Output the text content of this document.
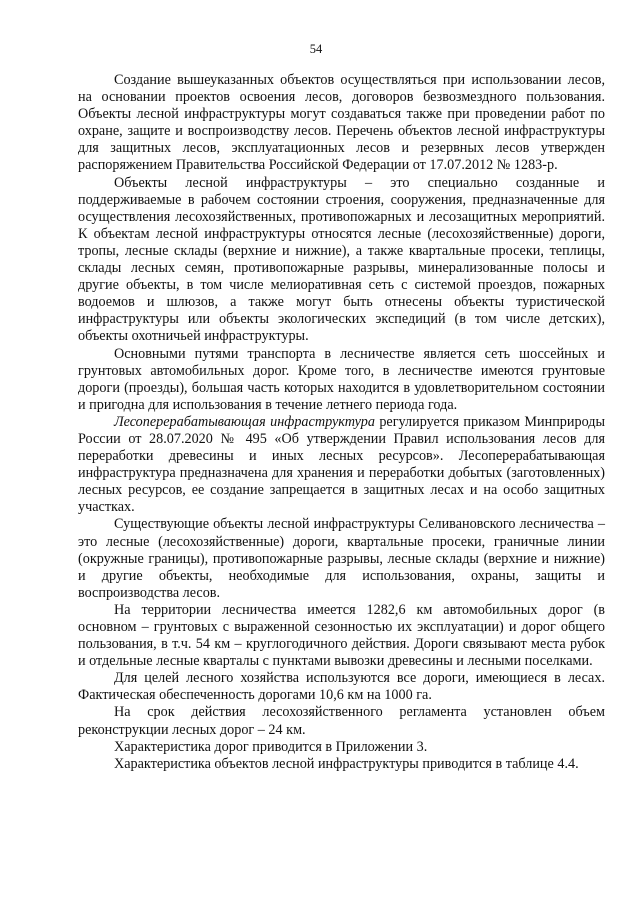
54

Создание вышеуказанных объектов осуществляться при использовании лесов, на основании проектов освоения лесов, договоров безвозмездного пользования. Объекты лесной инфраструктуры могут создаваться также при проведении работ по охране, защите и воспроизводству лесов. Перечень объектов лесной инфраструктуры для защитных лесов, эксплуатационных лесов и резервных лесов утвержден распоряжением Правительства Российской Федерации от 17.07.2012 № 1283-р.

Объекты лесной инфраструктуры – это специально созданные и поддерживаемые в рабочем состоянии строения, сооружения, предназначенные для осуществления лесохозяйственных, противопожарных и лесозащитных мероприятий. К объектам лесной инфраструктуры относятся лесные (лесохозяйственные) дороги, тропы, лесные склады (верхние и нижние), а также квартальные просеки, теплицы, склады лесных семян, противопожарные разрывы, минерализованные полосы и другие объекты, в том числе мелиоративная сеть с системой проездов, пожарных водоемов и шлюзов, а также могут быть отнесены объекты туристической инфраструктуры или объекты экологических экспедиций (в том числе детских), объекты охотничьей инфраструктуры.

Основными путями транспорта в лесничестве является сеть шоссейных и грунтовых автомобильных дорог. Кроме того, в лесничестве имеются грунтовые дороги (проезды), большая часть которых находится в удовлетворительном состоянии и пригодна для использования в течение летнего периода года.

Лесоперерабатывающая инфраструктура регулируется приказом Минприроды России от 28.07.2020 № 495 «Об утверждении Правил использования лесов для переработки древесины и иных лесных ресурсов». Лесоперерабатывающая инфраструктура предназначена для хранения и переработки добытых (заготовленных) лесных ресурсов, ее создание запрещается в защитных лесах и на особо защитных участках.

Существующие объекты лесной инфраструктуры Селивановского лесничества – это лесные (лесохозяйственные) дороги, квартальные просеки, граничные линии (окружные границы), противопожарные разрывы, лесные склады (верхние и нижние) и другие объекты, необходимые для использования, охраны, защиты и воспроизводства лесов.

На территории лесничества имеется 1282,6 км автомобильных дорог (в основном – грунтовых с выраженной сезонностью их эксплуатации) и дорог общего пользования, в т.ч. 54 км – круглогодичного действия. Дороги связывают места рубок и отдельные лесные кварталы с пунктами вывозки древесины и лесными поселками.

Для целей лесного хозяйства используются все дороги, имеющиеся в лесах. Фактическая обеспеченность дорогами 10,6 км на 1000 га.

На срок действия лесохозяйственного регламента установлен объем реконструкции лесных дорог – 24 км.

Характеристика дорог приводится в Приложении 3.

Характеристика объектов лесной инфраструктуры приводится в таблице 4.4.
